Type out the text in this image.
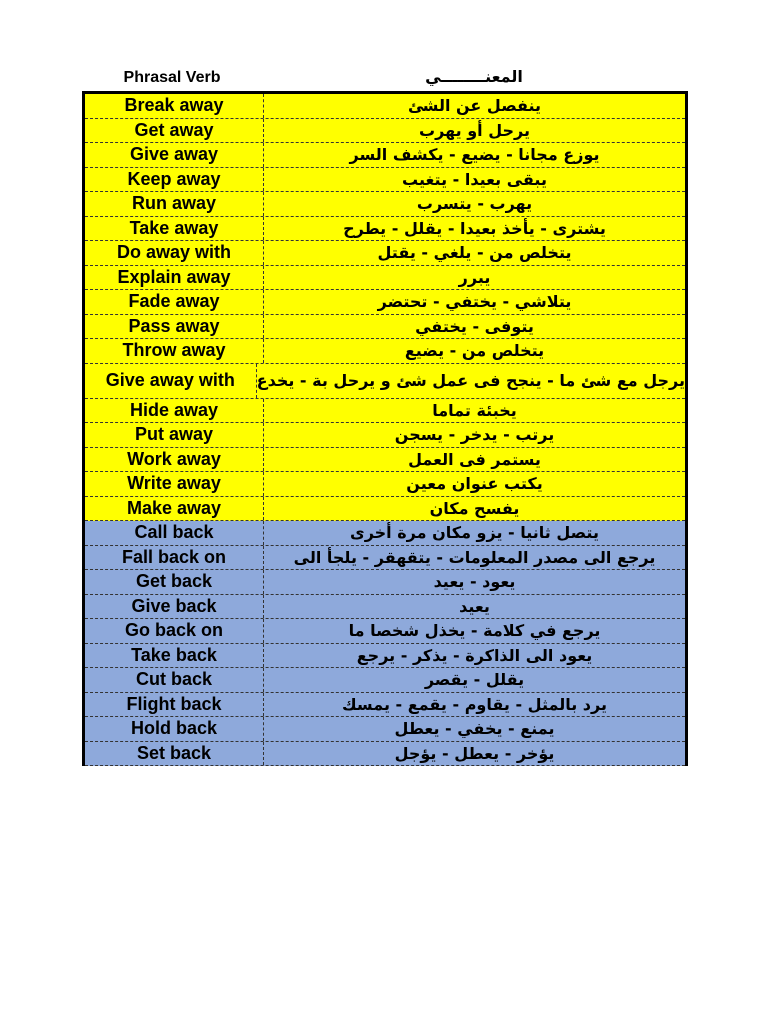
Phrasal Verb	المعنــــــــي
Break away	ينفصل عن الشئ
Get away	يرحل أو يهرب
Give away	يوزع مجانا - يضيع - يكشف السر
Keep away	يبقى بعيدا - يتغيب
Run away	يهرب - يتسرب
Take away	يشترى - يأخذ بعيدا - يقلل - يطرح
Do away with	يتخلص من - يلغي - يقتل
Explain away	يبرر
Fade away	يتلاشي - يختفي - تحتضر
Pass away	يتوفى - يختفي
Throw away	يتخلص من - يضيع
Give away with	يرجل مع شئ ما - ينجح فى عمل شئ و يرحل بة - يخدع
Hide away	يخبئة تماما
Put away	يرتب - يدخر - يسجن
Work away	يستمر فى العمل
Write away	يكتب عنوان معين
Make away	يفسح مكان
Call back	يتصل ثانيا - يزو مكان مرة أخرى
Fall back on	يرجع الى مصدر المعلومات - يتقهقر - يلجأ الى
Get back	يعود - يعيد
Give back	يعيد
Go back on	يرجع في كلامة - يخذل شخصا ما
Take back	يعود الى الذاكرة - يذكر - يرجع
Cut back	يقلل - يقصر
Flight back	يرد بالمثل - يقاوم - يقمع - يمسك
Hold back	يمنع - يخفي - يعطل
Set back	يؤخر - يعطل - يؤجل
